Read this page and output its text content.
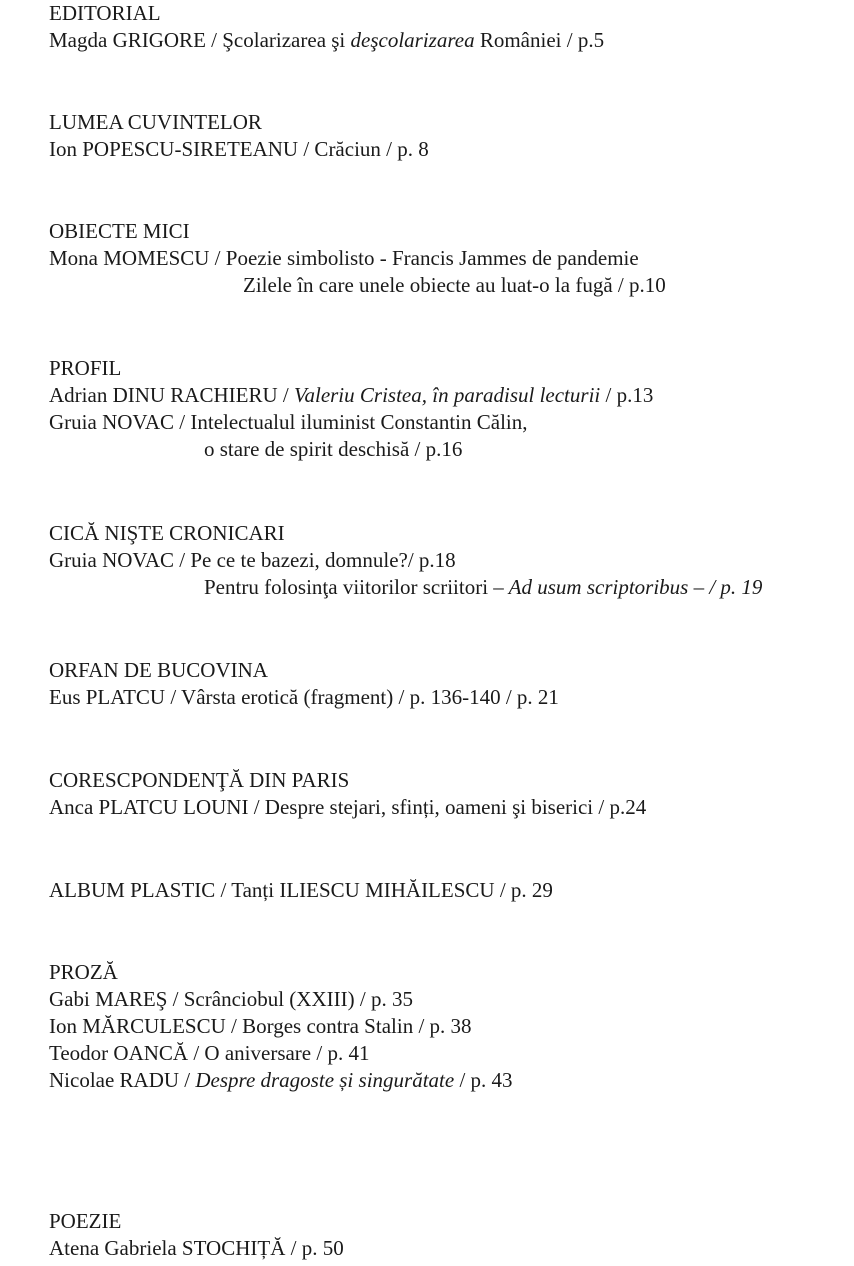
EDITORIAL
Magda GRIGORE / Şcolarizarea şi deşcolarizarea României / p.5
LUMEA CUVINTELOR
Ion POPESCU-SIRETEANU / Crăciun / p. 8
OBIECTE MICI
Mona MOMESCU / Poezie simbolisto - Francis Jammes de pandemie
Zilele în care unele obiecte au luat-o la fugă / p.10
PROFIL
Adrian DINU RACHIERU / Valeriu Cristea, în paradisul lecturii / p.13
Gruia NOVAC / Intelectualul iluminist Constantin Călin,
o stare de spirit deschisă / p.16
CICĂ NIŞTE CRONICARI
Gruia NOVAC / Pe ce te bazezi, domnule?/ p.18
Pentru folosinţa viitorilor scriitori – Ad usum scriptoribus – / p. 19
ORFAN DE BUCOVINA
Eus PLATCU / Vârsta erotică (fragment) / p. 136-140 / p. 21
CORESCPONDENŢĂ DIN PARIS
Anca PLATCU LOUNI / Despre stejari, sfinți, oameni şi biserici / p.24
ALBUM PLASTIC / Tanți ILIESCU MIHĂILESCU / p. 29
PROZĂ
Gabi MAREŞ / Scrânciobul (XXIII) / p. 35
Ion MĂRCULESCU / Borges contra Stalin / p. 38
Teodor OANCĂ / O aniversare / p. 41
Nicolae RADU / Despre dragoste și singurătate / p. 43
POEZIE
Atena Gabriela STOCHIȚĂ / p. 50
